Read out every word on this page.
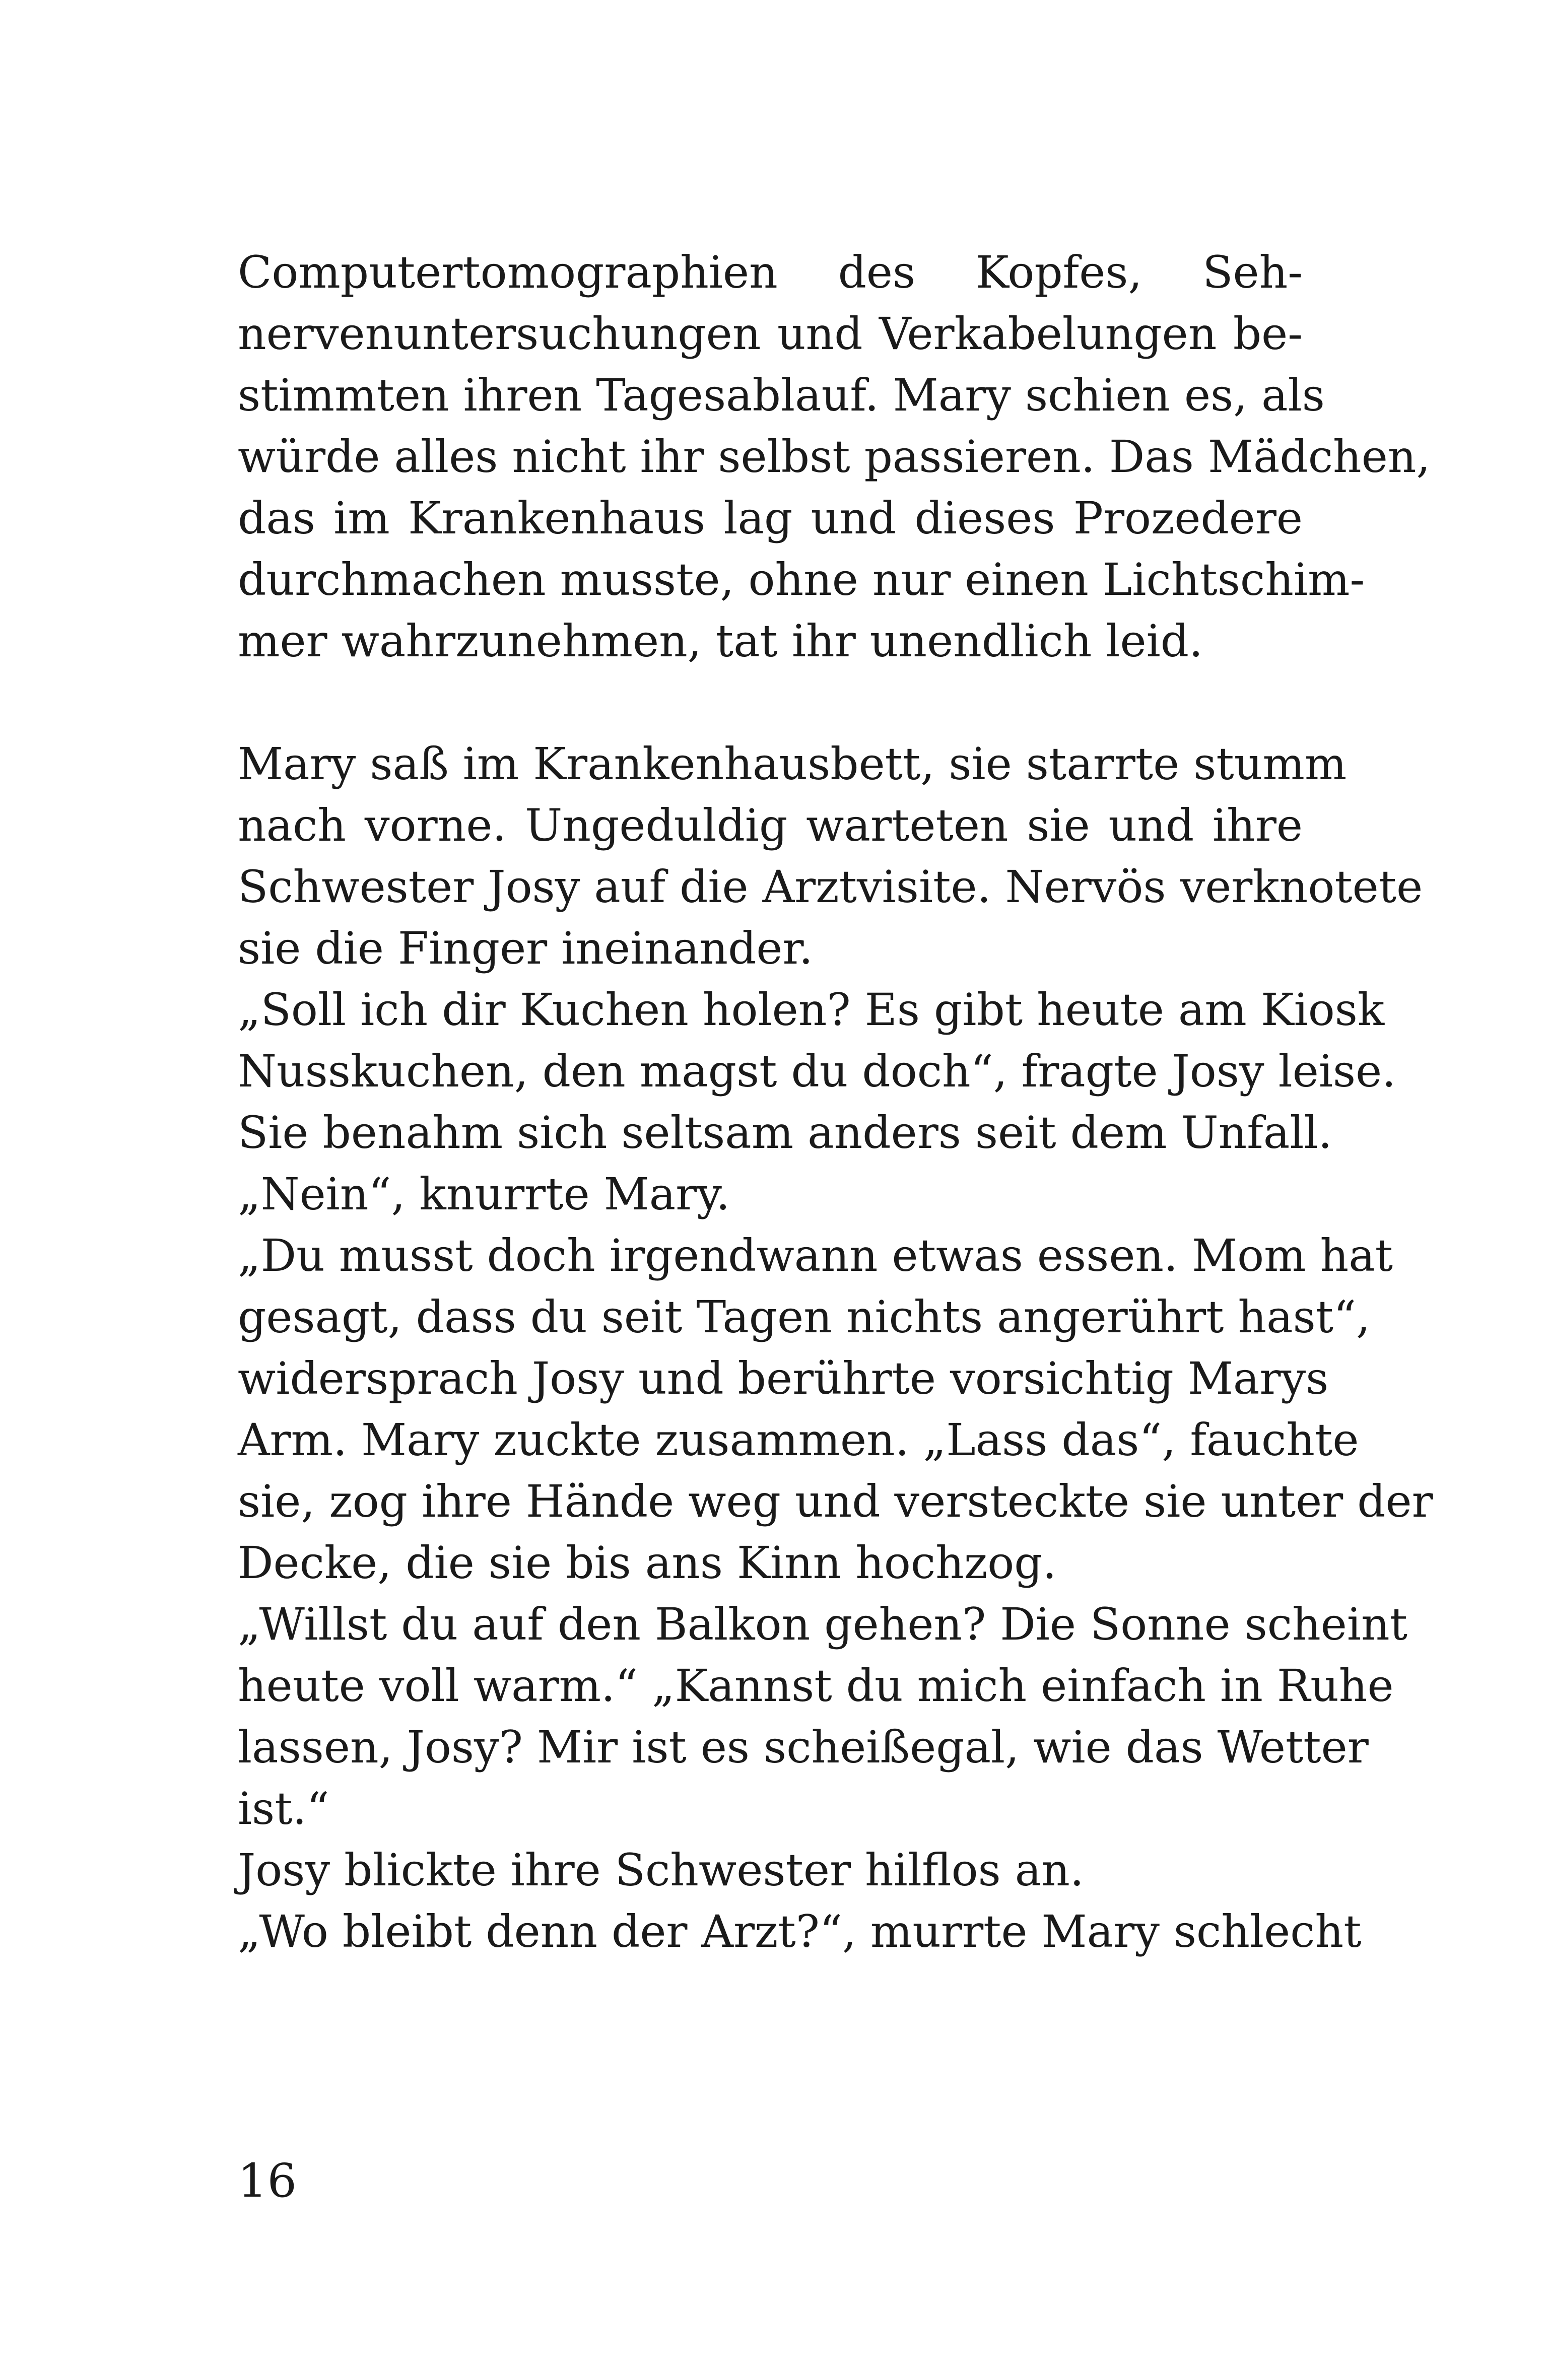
Computertomographien des Kopfes, Seh-
nervenuntersuchungen und Verkabelungen be-
stimmten ihren Tagesablauf. Mary schien es, als
würde alles nicht ihr selbst passieren. Das Mädchen,
das im Krankenhaus lag und dieses Prozedere
durchmachen musste, ohne nur einen Lichtschim-
mer wahrzunehmen, tat ihr unendlich leid.
Mary saß im Krankenhausbett, sie starrte stumm
nach vorne. Ungeduldig warteten sie und ihre
Schwester Josy auf die Arztvisite. Nervös verknotete
sie die Finger ineinander.
„Soll ich dir Kuchen holen? Es gibt heute am Kiosk
Nusskuchen, den magst du doch“, fragte Josy leise.
Sie benahm sich seltsam anders seit dem Unfall.
„Nein“, knurrte Mary.
„Du musst doch irgendwann etwas essen. Mom hat
gesagt, dass du seit Tagen nichts angerührt hast“,
widersprach Josy und berührte vorsichtig Marys
Arm. Mary zuckte zusammen. „Lass das“, fauchte
sie, zog ihre Hände weg und versteckte sie unter der
Decke, die sie bis ans Kinn hochzog.
„Willst du auf den Balkon gehen? Die Sonne scheint
heute voll warm.“ „Kannst du mich einfach in Ruhe
lassen, Josy? Mir ist es scheißegal, wie das Wetter
ist.“
Josy blickte ihre Schwester hilflos an.
„Wo bleibt denn der Arzt?“, murrte Mary schlecht
16
